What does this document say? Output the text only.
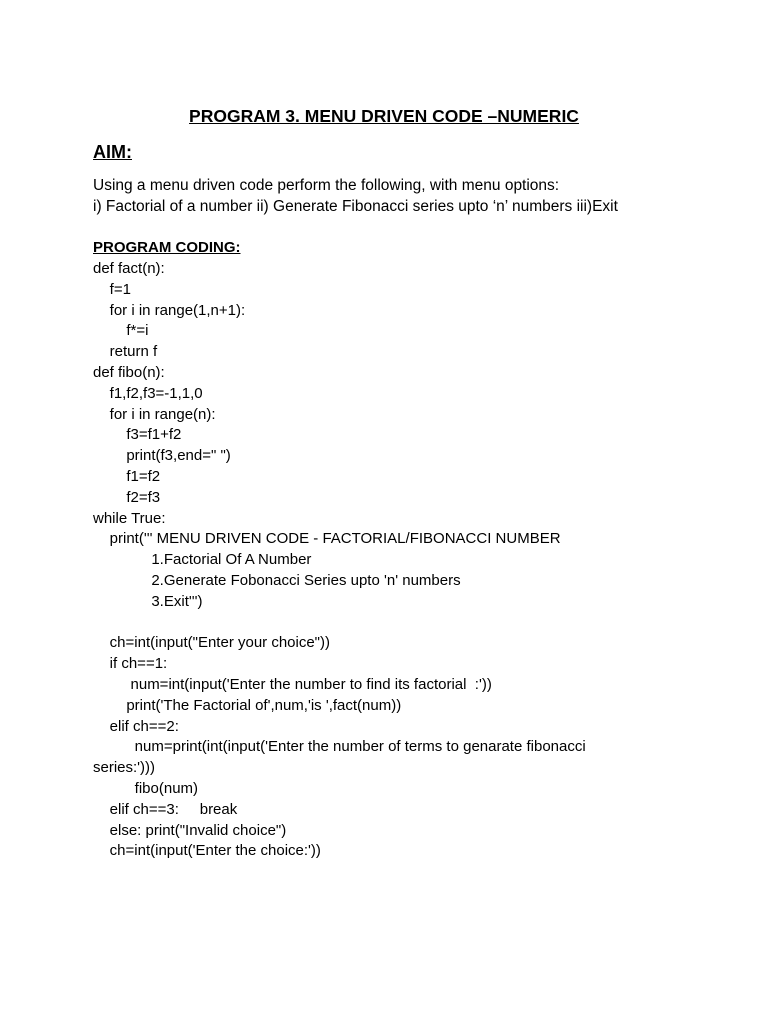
PROGRAM 3. MENU DRIVEN CODE –NUMERIC
AIM:
Using a menu driven code perform the following, with menu options:
i) Factorial of a number ii) Generate Fibonacci series upto ‘n’ numbers iii)Exit
PROGRAM CODING:
def fact(n):
f=1
for i in range(1,n+1):
f*=i
return f
def fibo(n):
f1,f2,f3=-1,1,0
for i in range(n):
f3=f1+f2
print(f3,end=" ")
f1=f2
f2=f3
while True:
print(''' MENU DRIVEN CODE - FACTORIAL/FIBONACCI NUMBER
1.Factorial Of A Number
2.Generate Fobonacci Series upto 'n' numbers
3.Exit''')
ch=int(input("Enter your choice"))
if ch==1:
num=int(input('Enter the number to find its factorial  :'))
print('The Factorial of',num,'is ',fact(num))
elif ch==2:
num=print(int(input('Enter the number of terms to genarate fibonacci
series:')))
fibo(num)
elif ch==3:     break
else: print("Invalid choice")
ch=int(input('Enter the choice:'))
